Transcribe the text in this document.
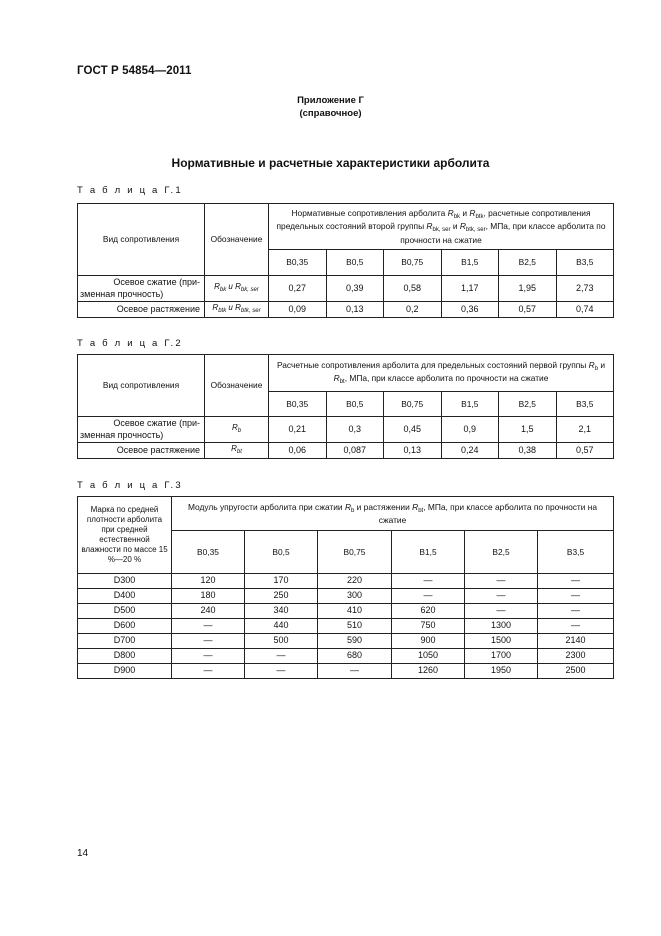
ГОСТ Р 54854—2011
Приложение Г
(справочное)
Нормативные и расчетные характеристики арболита
Т а б л и ц а Г.1
Вид сопротивления	Обозначение	Нормативные сопротивления арболита $R_{bk}$ и $R_{btk}$, расчетные сопротивления предельных состояний второй группы $R_{bk, ser}$ и $R_{btk, ser}$, МПа, при классе арболита по прочности на сжатие					
		В0,35	В0,5	В0,75	В1,5	В2,5	В3,5

Осевое сжатие (при-
зменная прочность)	$R_{bk}$ и $R_{bk, ser}$	0,27	0,39	0,58	1,17	1,95	2,73
Осевое растяжение	$R_{btk}$ и $R_{btk, ser}$	0,09	0,13	0,2	0,36	0,57	0,74
Т а б л и ц а Г.2
Вид сопротивления	Обозначение	Расчетные сопротивления арболита для предельных состояний первой группы $R_b$ и $R_{bt}$, МПа, при классе арболита по прочности на сжатие					
		В0,35	В0,5	В0,75	В1,5	В2,5	В3,5

Осевое сжатие (при-
зменная прочность)	$R_b$	0,21	0,3	0,45	0,9	1,5	2,1
Осевое растяжение	$R_{bt}$	0,06	0,087	0,13	0,24	0,38	0,57
Т а б л и ц а Г.3
Марка по средней плотности арболита при средней естественной влажности по массе 15 %—20 %	Модуль упругости арболита при сжатии $R_b$ и растяжении $R_{bt}$, МПа, при классе арболита по прочности на сжатие					
	В0,35	В0,5	В0,75	В1,5	В2,5	В3,5
D300	120	170	220	—	—	—
D400	180	250	300	—	—	—
D500	240	340	410	620	—	—
D600	—	440	510	750	1300	—
D700	—	500	590	900	1500	2140
D800	—	—	680	1050	1700	2300
D900	—	—	—	1260	1950	2500
14
